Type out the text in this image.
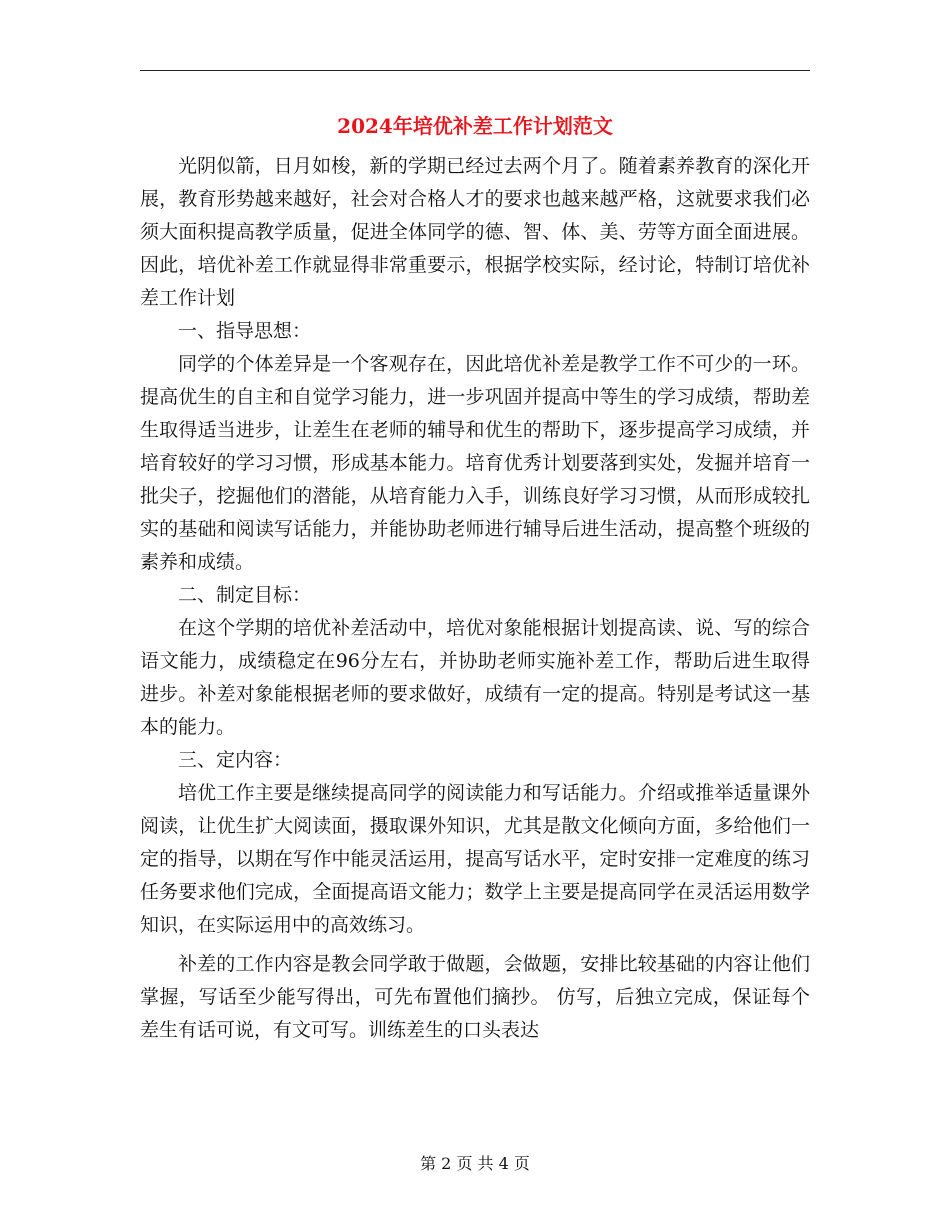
2024年培优补差工作计划范文

光阴似箭，日月如梭，新的学期已经过去两个月了。随着素养教育的深化开展，教育形势越来越好，社会对合格人才的要求也越来越严格，这就要求我们必须大面积提高教学质量，促进全体同学的德、智、体、美、劳等方面全面进展。因此，培优补差工作就显得非常重要示，根据学校实际，经讨论，特制订培优补差工作计划

一、指导思想：

同学的个体差异是一个客观存在，因此培优补差是教学工作不可少的一环。提高优生的自主和自觉学习能力，进一步巩固并提高中等生的学习成绩，帮助差生取得适当进步，让差生在老师的辅导和优生的帮助下，逐步提高学习成绩，并培育较好的学习习惯，形成基本能力。培育优秀计划要落到实处，发掘并培育一批尖子，挖掘他们的潜能，从培育能力入手，训练良好学习习惯，从而形成较扎实的基础和阅读写话能力，并能协助老师进行辅导后进生活动，提高整个班级的素养和成绩。

二、制定目标：

在这个学期的培优补差活动中，培优对象能根据计划提高读、说、写的综合语文能力，成绩稳定在96分左右，并协助老师实施补差工作，帮助后进生取得进步。补差对象能根据老师的要求做好，成绩有一定的提高。特别是考试这一基本的能力。

三、定内容：

培优工作主要是继续提高同学的阅读能力和写话能力。介绍或推举适量课外阅读，让优生扩大阅读面，摄取课外知识，尤其是散文化倾向方面，多给他们一定的指导，以期在写作中能灵活运用，提高写话水平，定时安排一定难度的练习任务要求他们完成，全面提高语文能力；数学上主要是提高同学在灵活运用数学知识，在实际运用中的高效练习。

补差的工作内容是教会同学敢于做题，会做题，安排比较基础的内容让他们掌握，写话至少能写得出，可先布置他们摘抄。 仿写，后独立完成，保证每个差生有话可说，有文可写。训练差生的口头表达

第 2 页 共 4 页
